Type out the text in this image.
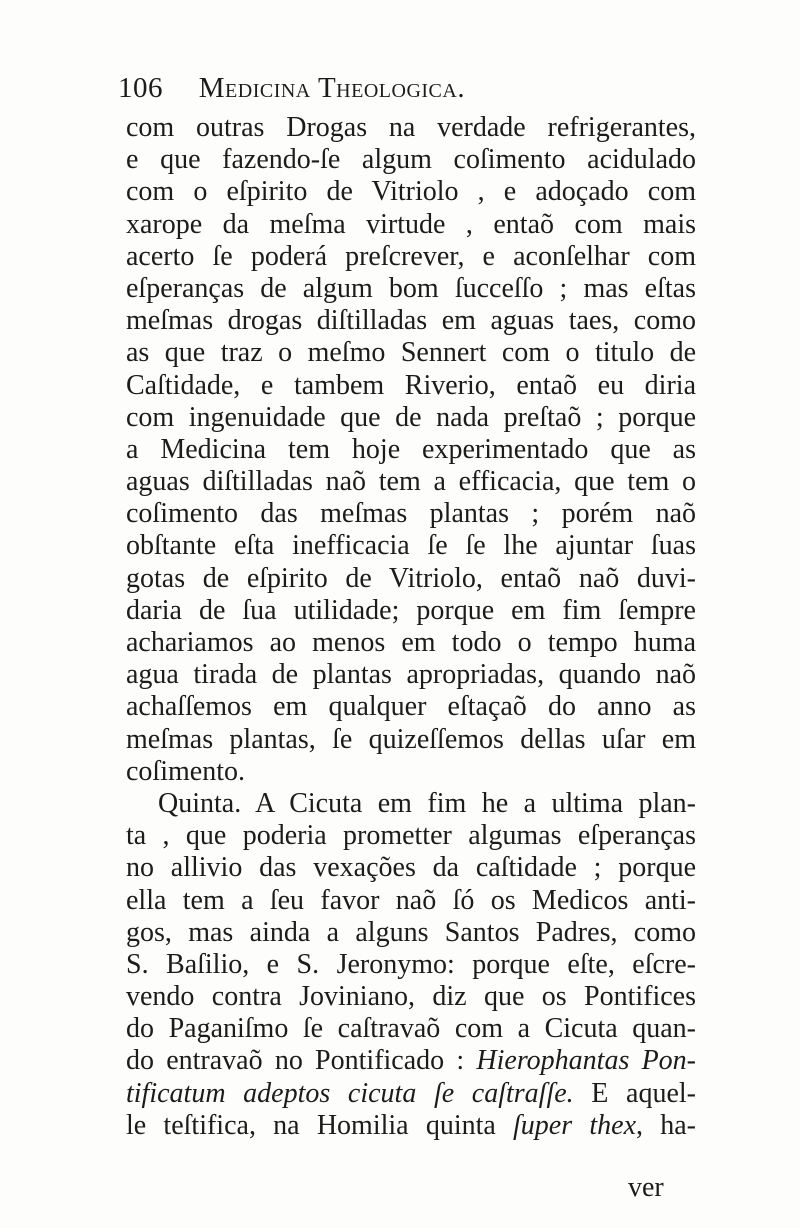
106 Medicina Theologica.
com outras Drogas na verdade refrigerantes,
e que fazendo-ſe algum coſimento acidulado
com o eſpirito de Vitriolo , e adoçado com
xarope da meſma virtude , entaõ com mais
acerto ſe poderá preſcrever, e aconſelhar com
eſperanças de algum bom ſucceſſo ; mas eſtas
meſmas drogas diſtilladas em aguas taes, como
as que traz o meſmo Sennert com o titulo de
Caſtidade, e tambem Riverio, entaõ eu diria
com ingenuidade que de nada preſtaõ ; porque
a Medicina tem hoje experimentado que as
aguas diſtilladas naõ tem a efficacia, que tem o
coſimento das meſmas plantas ; porém naõ
obſtante eſta inefficacia ſe ſe lhe ajuntar ſuas
gotas de eſpirito de Vitriolo, entaõ naõ duvi-
daria de ſua utilidade; porque em fim ſempre
achariamos ao menos em todo o tempo huma
agua tirada de plantas apropriadas, quando naõ
achaſſemos em qualquer eſtaçaõ do anno as
meſmas plantas, ſe quizeſſemos dellas uſar em
coſimento.
Quinta. A Cicuta em fim he a ultima plan-
ta , que poderia prometter algumas eſperanças
no allivio das vexações da caſtidade ; porque
ella tem a ſeu favor naõ ſó os Medicos anti-
gos, mas ainda a alguns Santos Padres, como
S. Baſilio, e S. Jeronymo: porque eſte, eſcre-
vendo contra Joviniano, diz que os Pontifices
do Paganiſmo ſe caſtravaõ com a Cicuta quan-
do entravaõ no Pontificado : Hierophantas Pon-
tificatum adeptos cicuta ſe caſtraſſe. E aquel-
le teſtifica, na Homilia quinta ſuper thex, ha-
ver
